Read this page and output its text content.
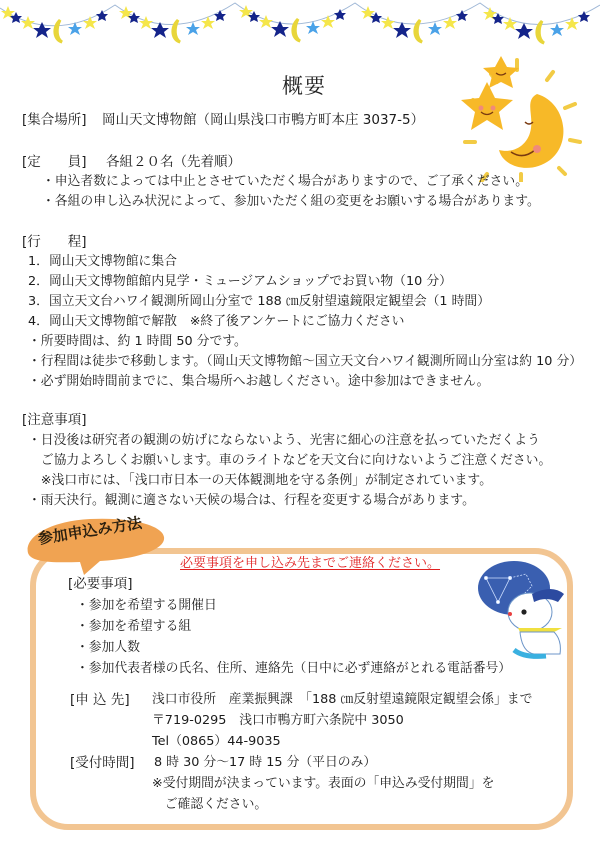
概要
[集合場所] 岡山天文博物館（岡山県浅口市鴨方町本庄 3037-5）
[定　　員] 各組２０名（先着順）
・申込者数によっては中止とさせていただく場合がありますので、ご了承ください。
・各組の申し込み状況によって、参加いただく組の変更をお願いする場合があります。
[行　　程]
1．岡山天文博物館に集合
2．岡山天文博物館館内見学・ミュージアムショップでお買い物（10 分）
3．国立天文台ハワイ観測所岡山分室で 188 ㎝反射望遠鏡限定観望会（1 時間）
4．岡山天文博物館で解散　※終了後アンケートにご協力ください
・所要時間は、約 1 時間 50 分です。
・行程間は徒歩で移動します。（岡山天文博物館～国立天文台ハワイ観測所岡山分室は約 10 分）
・必ず開始時間前までに、集合場所へお越しください。途中参加はできません。
[注意事項]
・日没後は研究者の観測の妨げにならないよう、光害に細心の注意を払っていただくよう
　ご協力よろしくお願いします。車のライトなどを天文台に向けないようご注意ください。
　※浅口市には、「浅口市日本一の天体観測地を守る条例」が制定されています。
・雨天決行。観測に適さない天候の場合は、行程を変更する場合があります。
参加申込み方法
必要事項を申し込み先までご連絡ください。
[必要事項]
・参加を希望する開催日
・参加を希望する組
・参加人数
・参加代表者様の氏名、住所、連絡先（日中に必ず連絡がとれる電話番号）
[申 込 先] 浅口市役所　産業振興課　「188 ㎝反射望遠鏡限定観望会係」まで
〒719-0295　浅口市鴨方町六条院中 3050
Tel（0865）44-9035
[受付時間] 8 時 30 分～17 時 15 分（平日のみ）
※受付期間が決まっています。表面の「申込み受付期間」を
　ご確認ください。
